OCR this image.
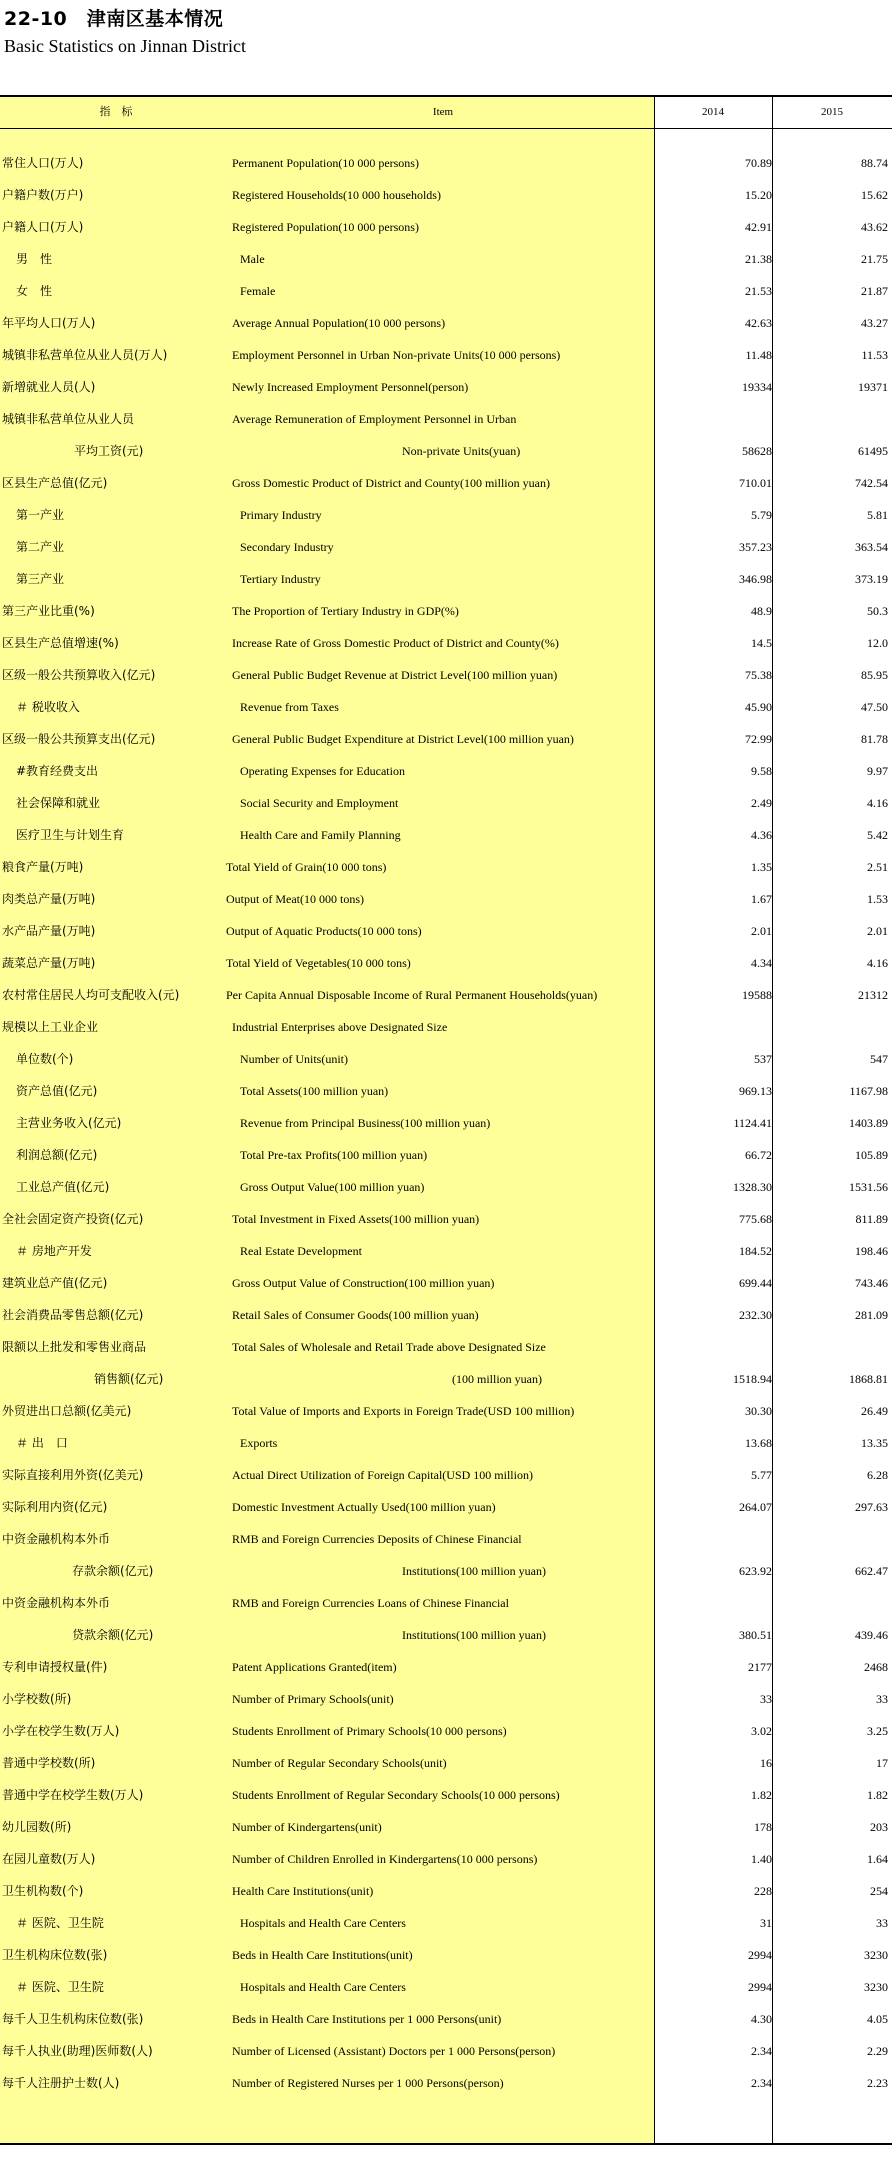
22-10　津南区基本情况
Basic Statistics on Jinnan District
指　标	Item	2014	2015
常住人口(万人)	Permanent Population(10 000 persons)	70.89	88.74
户籍户数(万户)	Registered Households(10 000 households)	15.20	15.62
户籍人口(万人)	Registered Population(10 000 persons)	42.91	43.62
男　性	Male	21.38	21.75
女　性	Female	21.53	21.87
年平均人口(万人)	Average Annual Population(10 000 persons)	42.63	43.27
城镇非私营单位从业人员(万人)	Employment Personnel in Urban Non-private Units(10 000 persons)	11.48	11.53
新增就业人员(人)	Newly Increased Employment Personnel(person)	19334	19371
城镇非私营单位从业人员	Average Remuneration of Employment Personnel in Urban
平均工资(元)	Non-private Units(yuan)	58628	61495
区县生产总值(亿元)	Gross Domestic Product of District and County(100 million yuan)	710.01	742.54
第一产业	Primary Industry	5.79	5.81
第二产业	Secondary Industry	357.23	363.54
第三产业	Tertiary Industry	346.98	373.19
第三产业比重(%)	The Proportion of Tertiary Industry in GDP(%)	48.9	50.3
区县生产总值增速(%)	Increase Rate of Gross Domestic Product of District and County(%)	14.5	12.0
区级一般公共预算收入(亿元)	General Public Budget Revenue at District Level(100 million yuan)	75.38	85.95
＃ 税收收入	Revenue from Taxes	45.90	47.50
区级一般公共预算支出(亿元)	General Public Budget Expenditure at District Level(100 million yuan)	72.99	81.78
#教育经费支出	Operating Expenses for Education	9.58	9.97
社会保障和就业	Social Security and Employment	2.49	4.16
医疗卫生与计划生育	Health Care and Family Planning	4.36	5.42
粮食产量(万吨)	Total Yield of Grain(10 000 tons)	1.35	2.51
肉类总产量(万吨)	Output of Meat(10 000 tons)	1.67	1.53
水产品产量(万吨)	Output of Aquatic Products(10 000 tons)	2.01	2.01
蔬菜总产量(万吨)	Total Yield of Vegetables(10 000 tons)	4.34	4.16
农村常住居民人均可支配收入(元)	Per Capita Annual Disposable Income of Rural Permanent Households(yuan)	19588	21312
规模以上工业企业	Industrial Enterprises above Designated Size
单位数(个)	Number of Units(unit)	537	547
资产总值(亿元)	Total Assets(100 million yuan)	969.13	1167.98
主营业务收入(亿元)	Revenue from Principal Business(100 million yuan)	1124.41	1403.89
利润总额(亿元)	Total Pre-tax Profits(100 million yuan)	66.72	105.89
工业总产值(亿元)	Gross Output Value(100 million yuan)	1328.30	1531.56
全社会固定资产投资(亿元)	Total Investment in Fixed Assets(100 million yuan)	775.68	811.89
＃ 房地产开发	Real Estate Development	184.52	198.46
建筑业总产值(亿元)	Gross Output Value of Construction(100 million yuan)	699.44	743.46
社会消费品零售总额(亿元)	Retail Sales of Consumer Goods(100 million yuan)	232.30	281.09
限额以上批发和零售业商品	Total Sales of Wholesale and Retail Trade above Designated Size
销售额(亿元)	(100 million yuan)	1518.94	1868.81
外贸进出口总额(亿美元)	Total Value of Imports and Exports in Foreign Trade(USD 100 million)	30.30	26.49
＃ 出　口	Exports	13.68	13.35
实际直接利用外资(亿美元)	Actual Direct Utilization of Foreign Capital(USD 100 million)	5.77	6.28
实际利用内资(亿元)	Domestic Investment Actually Used(100 million yuan)	264.07	297.63
中资金融机构本外币	RMB and Foreign Currencies Deposits of Chinese Financial
存款余额(亿元)	Institutions(100 million yuan)	623.92	662.47
中资金融机构本外币	RMB and Foreign Currencies Loans of Chinese Financial
贷款余额(亿元)	Institutions(100 million yuan)	380.51	439.46
专利申请授权量(件)	Patent Applications Granted(item)	2177	2468
小学校数(所)	Number of Primary Schools(unit)	33	33
小学在校学生数(万人)	Students Enrollment of Primary Schools(10 000 persons)	3.02	3.25
普通中学校数(所)	Number of Regular Secondary Schools(unit)	16	17
普通中学在校学生数(万人)	Students Enrollment of Regular Secondary Schools(10 000 persons)	1.82	1.82
幼儿园数(所)	Number of Kindergartens(unit)	178	203
在园儿童数(万人)	Number of Children Enrolled in Kindergartens(10 000 persons)	1.40	1.64
卫生机构数(个)	Health Care Institutions(unit)	228	254
＃ 医院、卫生院	Hospitals and Health Care Centers	31	33
卫生机构床位数(张)	Beds in Health Care Institutions(unit)	2994	3230
＃ 医院、卫生院	Hospitals and Health Care Centers	2994	3230
每千人卫生机构床位数(张)	Beds in Health Care Institutions per 1 000 Persons(unit)	4.30	4.05
每千人执业(助理)医师数(人)	Number of Licensed (Assistant) Doctors per 1 000 Persons(person)	2.34	2.29
每千人注册护士数(人)	Number of Registered Nurses per 1 000 Persons(person)	2.34	2.23
